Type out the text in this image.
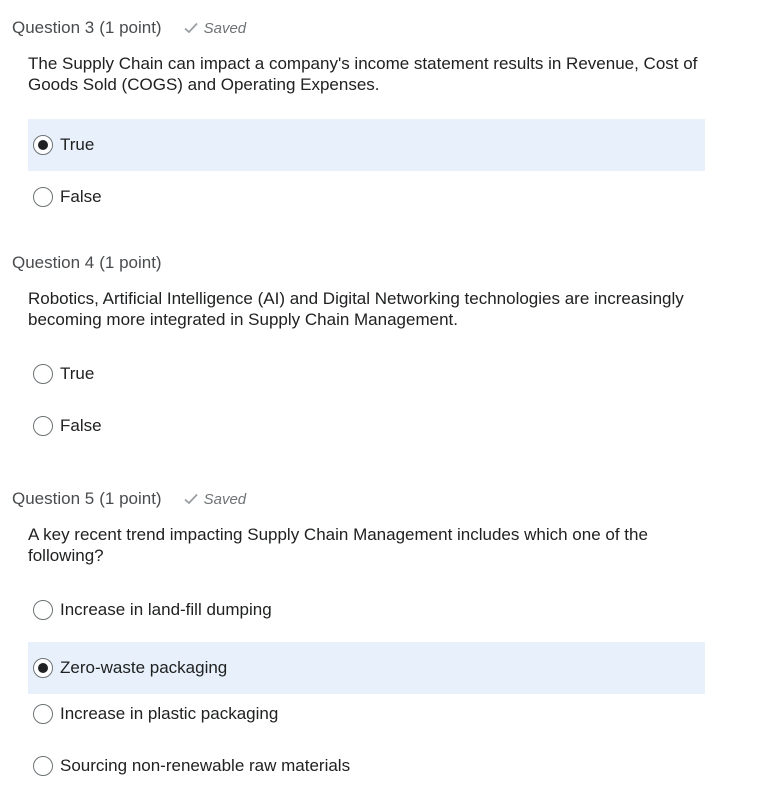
Question 3 (1 point)	Saved
The Supply Chain can impact a company's income statement results in Revenue, Cost of Goods Sold (COGS) and Operating Expenses.
True
False
Question 4 (1 point)
Robotics, Artificial Intelligence (AI) and Digital Networking technologies are increasingly becoming more integrated in Supply Chain Management.
True
False
Question 5 (1 point)	Saved
A key recent trend impacting Supply Chain Management includes which one of the following?
Increase in land-fill dumping
Zero-waste packaging
Increase in plastic packaging
Sourcing non-renewable raw materials
